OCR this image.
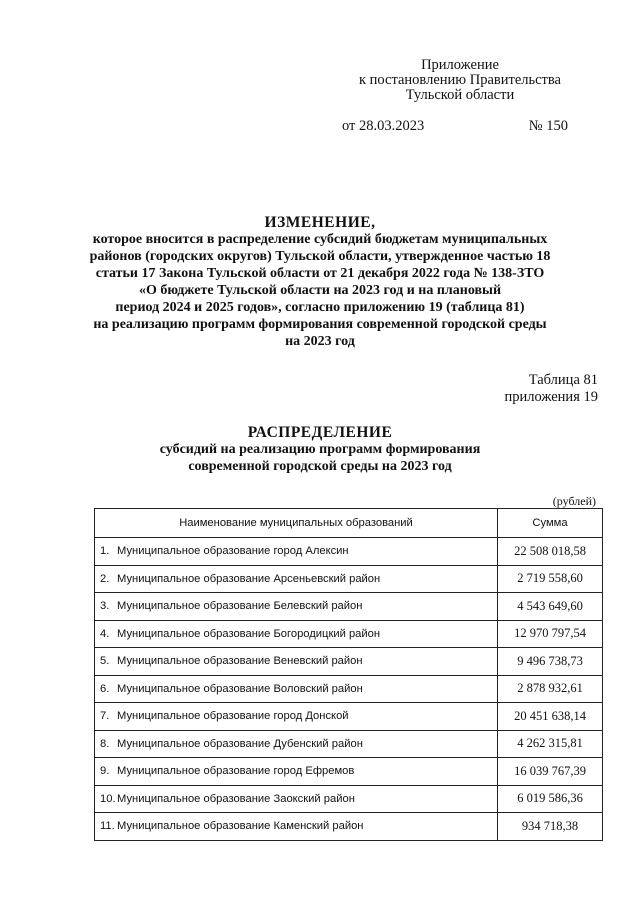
Приложение
к постановлению Правительства
Тульской области
от 28.03.2023	№ 150
ИЗМЕНЕНИЕ,
которое вносится в распределение субсидий бюджетам муниципальных
районов (городских округов) Тульской области, утвержденное частью 18
статьи 17 Закона Тульской области от 21 декабря 2022 года № 138-ЗТО
«О бюджете Тульской области на 2023 год и на плановый
период 2024 и 2025 годов», согласно приложению 19 (таблица 81)
на реализацию программ формирования современной городской среды
на 2023 год
Таблица 81
приложения 19
РАСПРЕДЕЛЕНИЕ
субсидий на реализацию программ формирования
современной городской среды на 2023 год
(рублей)
Наименование муниципальных образований	Сумма
1. Муниципальное образование город Алексин	22 508 018,58
2. Муниципальное образование Арсеньевский район	2 719 558,60
3. Муниципальное образование Белевский район	4 543 649,60
4. Муниципальное образование Богородицкий район	12 970 797,54
5. Муниципальное образование Веневский район	9 496 738,73
6. Муниципальное образование Воловский район	2 878 932,61
7. Муниципальное образование город Донской	20 451 638,14
8. Муниципальное образование Дубенский район	4 262 315,81
9. Муниципальное образование город Ефремов	16 039 767,39
10.Муниципальное образование Заокский район	6 019 586,36
11. Муниципальное образование Каменский район	934 718,38
